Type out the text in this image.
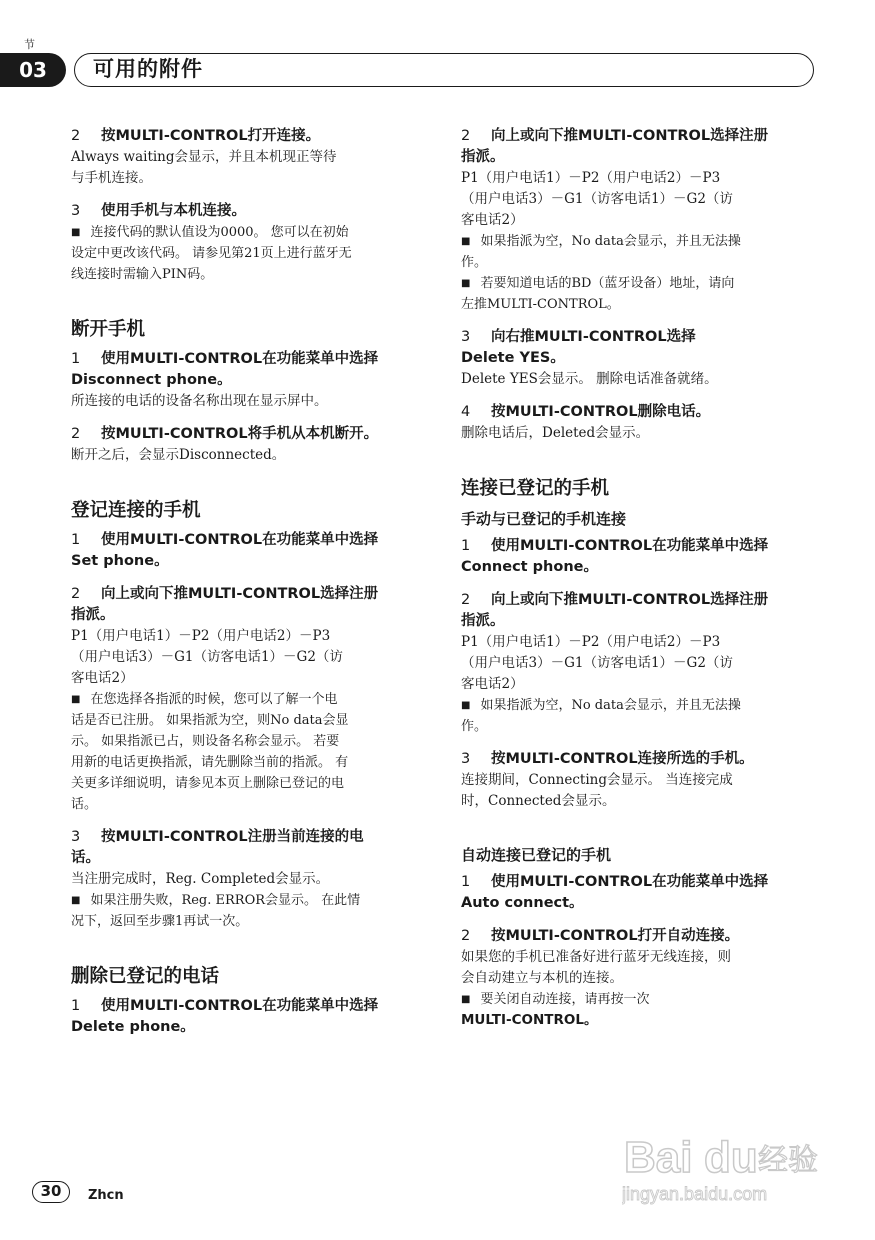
节
03	可用的附件

2 按MULTI-CONTROL打开连接。

Always waiting会显示，并且本机现正等待

与手机连接。

3 使用手机与本机连接。

■ 连接代码的默认值设为0000。 您可以在初始

设定中更改该代码。 请参见第21页上进行蓝牙无

线连接时需输入PIN码。

断开手机

1 使用MULTI-CONTROL在功能菜单中选择

Disconnect phone。

所连接的电话的设备名称出现在显示屏中。

2 按MULTI-CONTROL将手机从本机断开。

断开之后，会显示Disconnected。

登记连接的手机

1 使用MULTI-CONTROL在功能菜单中选择

Set phone。

2 向上或向下推MULTI-CONTROL选择注册

指派。

P1（用户电话1）－P2（用户电话2）－P3

（用户电话3）－G1（访客电话1）－G2（访

客电话2）

■ 在您选择各指派的时候，您可以了解一个电

话是否已注册。 如果指派为空，则No data会显

示。 如果指派已占，则设备名称会显示。 若要

用新的电话更换指派，请先删除当前的指派。 有

关更多详细说明，请参见本页上删除已登记的电

话。

3 按MULTI-CONTROL注册当前连接的电

话。

当注册完成时，Reg. Completed会显示。

■ 如果注册失败，Reg. ERROR会显示。 在此情

况下，返回至步骤1再试一次。

删除已登记的电话

1 使用MULTI-CONTROL在功能菜单中选择

Delete phone。

2 向上或向下推MULTI-CONTROL选择注册

指派。

P1（用户电话1）－P2（用户电话2）－P3

（用户电话3）－G1（访客电话1）－G2（访

客电话2）

■ 如果指派为空，No data会显示，并且无法操

作。

■ 若要知道电话的BD（蓝牙设备）地址，请向

左推MULTI-CONTROL。

3 向右推MULTI-CONTROL选择

Delete YES。

Delete YES会显示。 删除电话准备就绪。

4 按MULTI-CONTROL删除电话。

删除电话后，Deleted会显示。

连接已登记的手机

手动与已登记的手机连接

1 使用MULTI-CONTROL在功能菜单中选择

Connect phone。

2 向上或向下推MULTI-CONTROL选择注册

指派。

P1（用户电话1）－P2（用户电话2）－P3

（用户电话3）－G1（访客电话1）－G2（访

客电话2）

■ 如果指派为空，No data会显示，并且无法操

作。

3 按MULTI-CONTROL连接所选的手机。

连接期间，Connecting会显示。 当连接完成

时，Connected会显示。

自动连接已登记的手机

1 使用MULTI-CONTROL在功能菜单中选择

Auto connect。

2 按MULTI-CONTROL打开自动连接。

如果您的手机已准备好进行蓝牙无线连接，则

会自动建立与本机的连接。

■ 要关闭自动连接，请再按一次

MULTI-CONTROL。

Bai du 经验
jingyan.baidu.com
30	Zhcn
